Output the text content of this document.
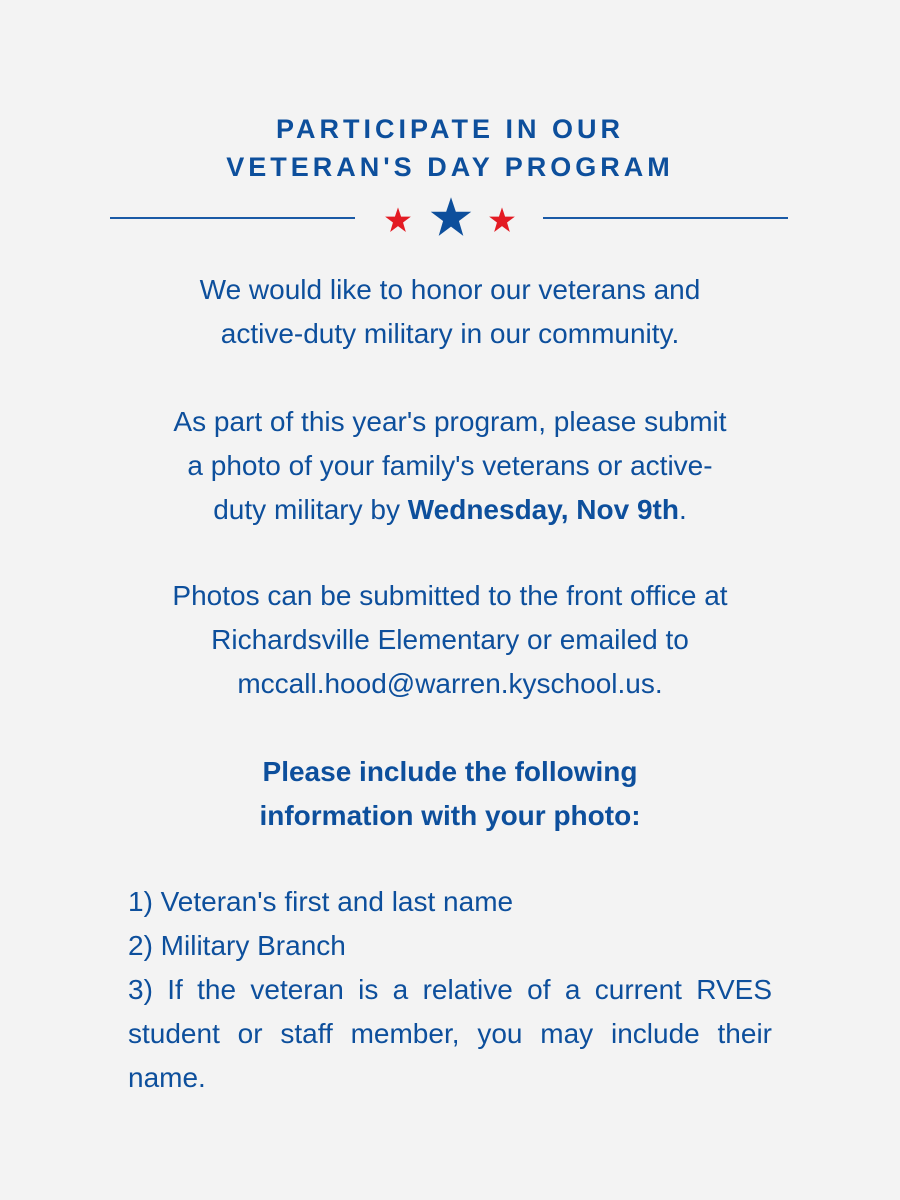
PARTICIPATE IN OUR
VETERAN'S DAY PROGRAM
We would like to honor our veterans and
active-duty military in our community.
As part of this year's program, please submit
a photo of your family's veterans or active-
duty military by Wednesday, Nov 9th.
Photos can be submitted to the front office at
Richardsville Elementary or emailed to
mccall.hood@warren.kyschool.us.
Please include the following
information with your photo:
1) Veteran's first and last name
2) Military Branch
3) If the veteran is a relative of a current RVES student or staff member, you may include their name.
